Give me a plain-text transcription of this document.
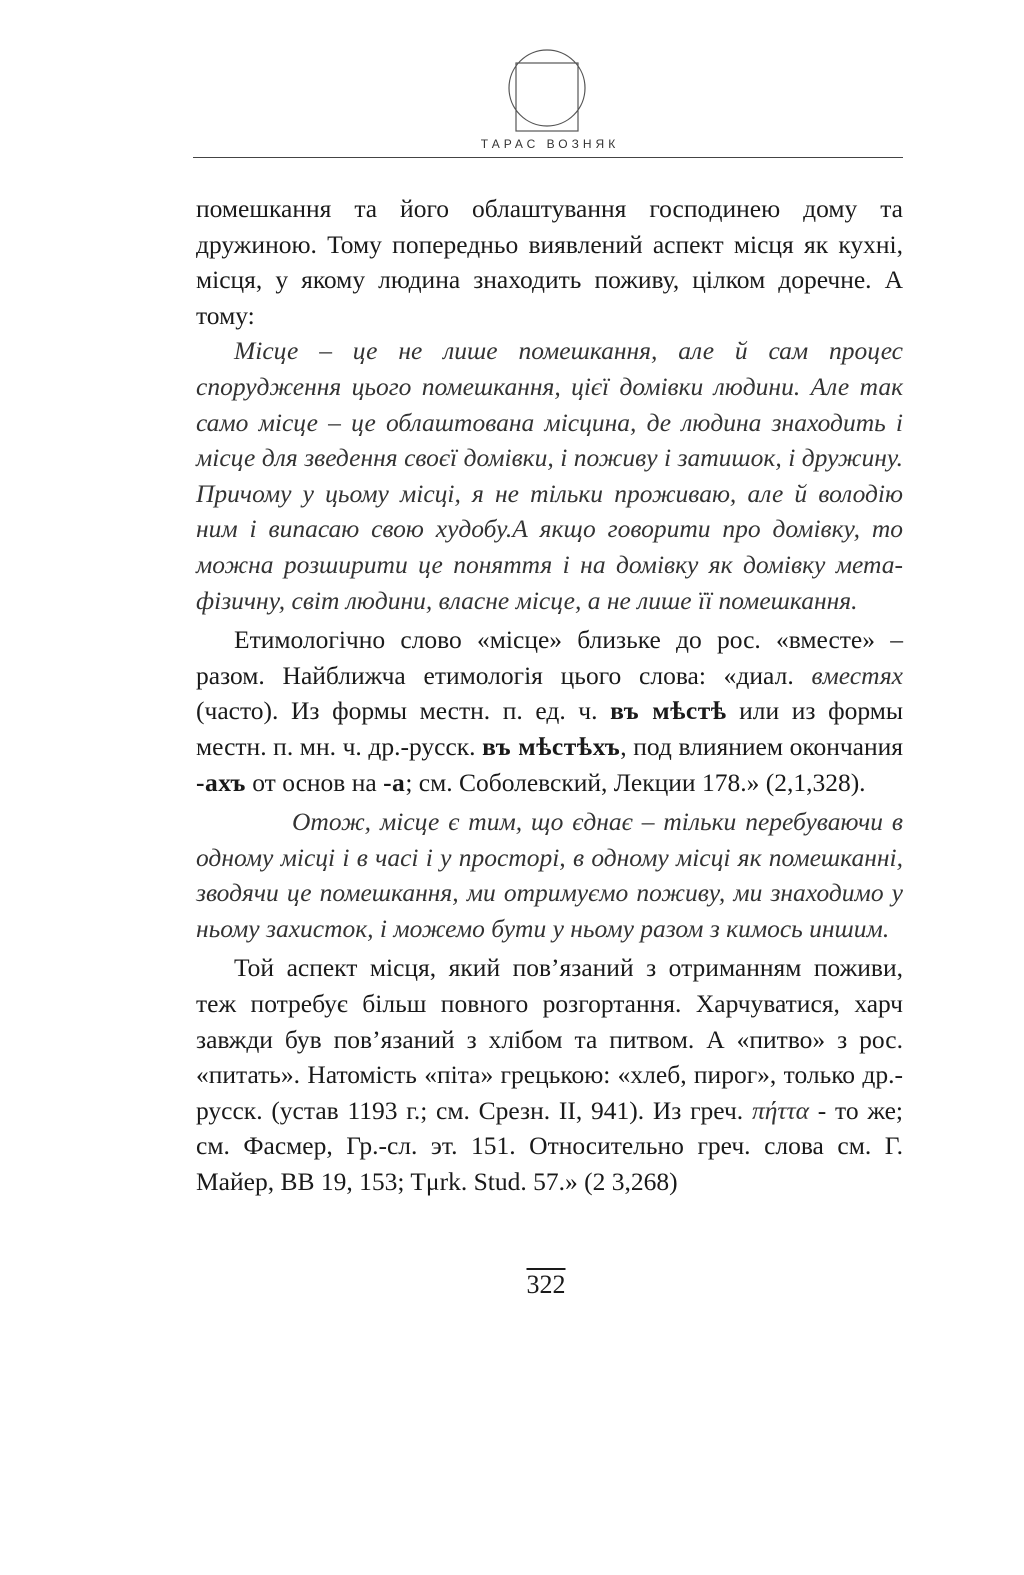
ТАРАС ВОЗНЯК

помешкання та його облаштування господинею дому та дружиною. Тому попередньо виявлений аспект місця як кухні, місця, у якому людина знаходить поживу, цілком доречне. А тому:

Місце – це не лише помешкання, але й сам процес спорудження цього помешкання, цієї домівки людини. Але так само місце – це облаштована місцина, де людина знаходить і місце для зведення своєї домівки, і поживу і затишок, і дружину. Причому у цьому місці, я не тільки проживаю, але й володію ним і випасаю свою худобу.А якщо говорити про домівку, то можна розширити це поняття і на домівку як домівку метафізичну, світ людини, власне місце, а не лише її помешкання.

Етимологічно слово «місце» близьке до рос. «вместе» – разом. Найближча етимологія цього слова: «диал. вместях (часто). Из формы местн. п. ед. ч. въ мѣстѣ или из формы местн. п. мн. ч. др.-русск. въ мѣстѣхъ, под влиянием окончания -ахъ от основ на -а; см. Соболевский, Лекции 178.» (2,1,328).

Отож, місце є тим, що єднає – тільки перебуваючи в одному місці і в часі і у просторі, в одному місці як помешканні, зводячи це помешкання, ми отримуємо поживу, ми знаходимо у ньому захисток, і можемо бути у ньому разом з кимось иншим.

Той аспект місця, який пов’язаний з отриманням поживи, теж потребує більш повного розгортання. Харчуватися, харч завжди був пов’язаний з хлібом та питвом. А «питво» з рос. «питать». Натомість «піта» грецькою: «хлеб, пирог», только др.-русск. (устав 1193 г.; см. Срезн. II, 941). Из греч. πήττα - то же; см. Фасмер, Гр.-сл. эт. 151. Относительно греч. слова см. Г. Майер, BB 19, 153; Tμrk. Stud. 57.» (2 3,268)

322
